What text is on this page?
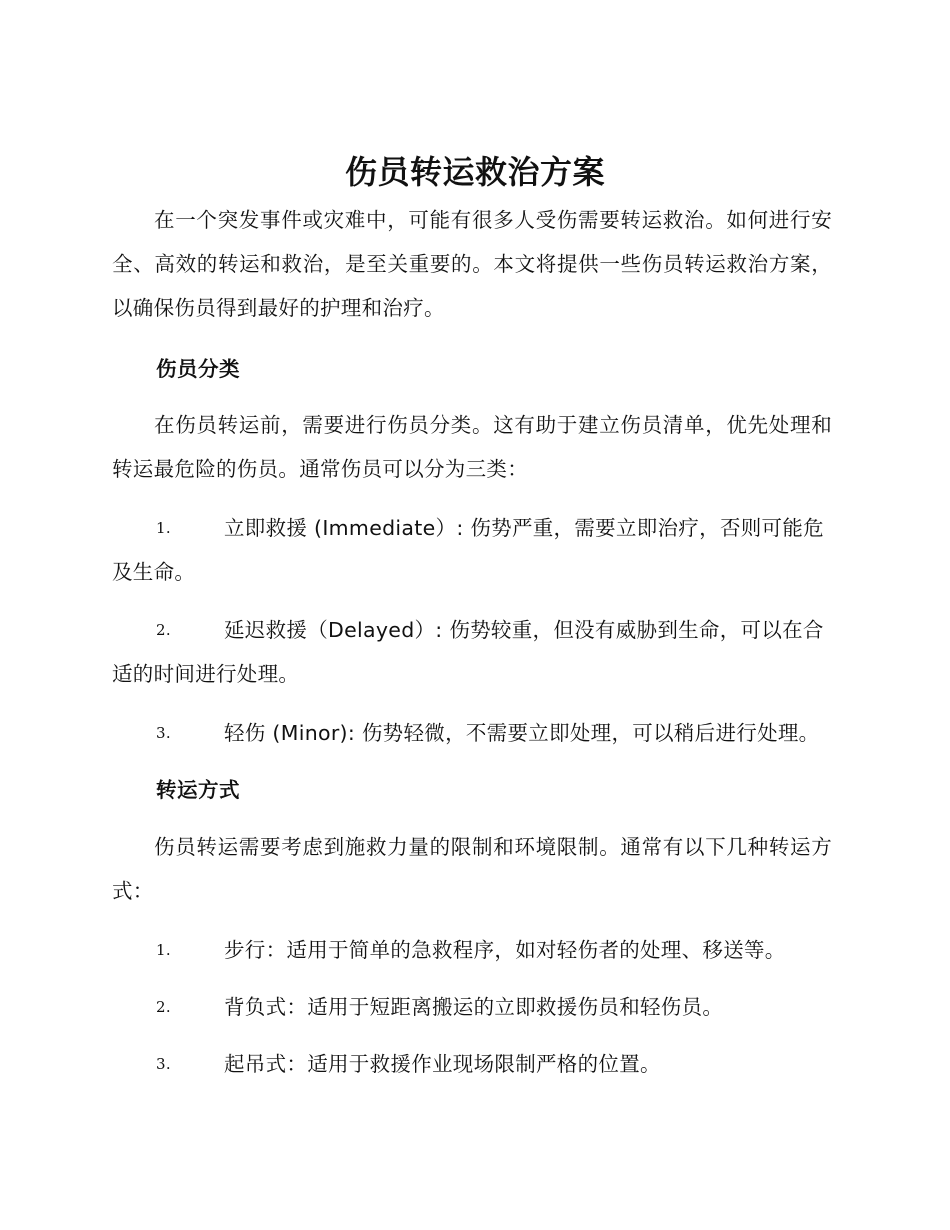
伤员转运救治方案
在一个突发事件或灾难中，可能有很多人受伤需要转运救治。如何进行安全、高效的转运和救治，是至关重要的。本文将提供一些伤员转运救治方案，以确保伤员得到最好的护理和治疗。
伤员分类
在伤员转运前，需要进行伤员分类。这有助于建立伤员清单，优先处理和转运最危险的伤员。通常伤员可以分为三类：
1.	立即救援 (Immediate）: 伤势严重，需要立即治疗，否则可能危及生命。
2.	延迟救援（Delayed）: 伤势较重，但没有威胁到生命，可以在合适的时间进行处理。
3.	轻伤 (Minor): 伤势轻微，不需要立即处理，可以稍后进行处理。
转运方式
伤员转运需要考虑到施救力量的限制和环境限制。通常有以下几种转运方式：
1.	步行：适用于简单的急救程序，如对轻伤者的处理、移送等。
2.	背负式：适用于短距离搬运的立即救援伤员和轻伤员。
3.	起吊式：适用于救援作业现场限制严格的位置。
